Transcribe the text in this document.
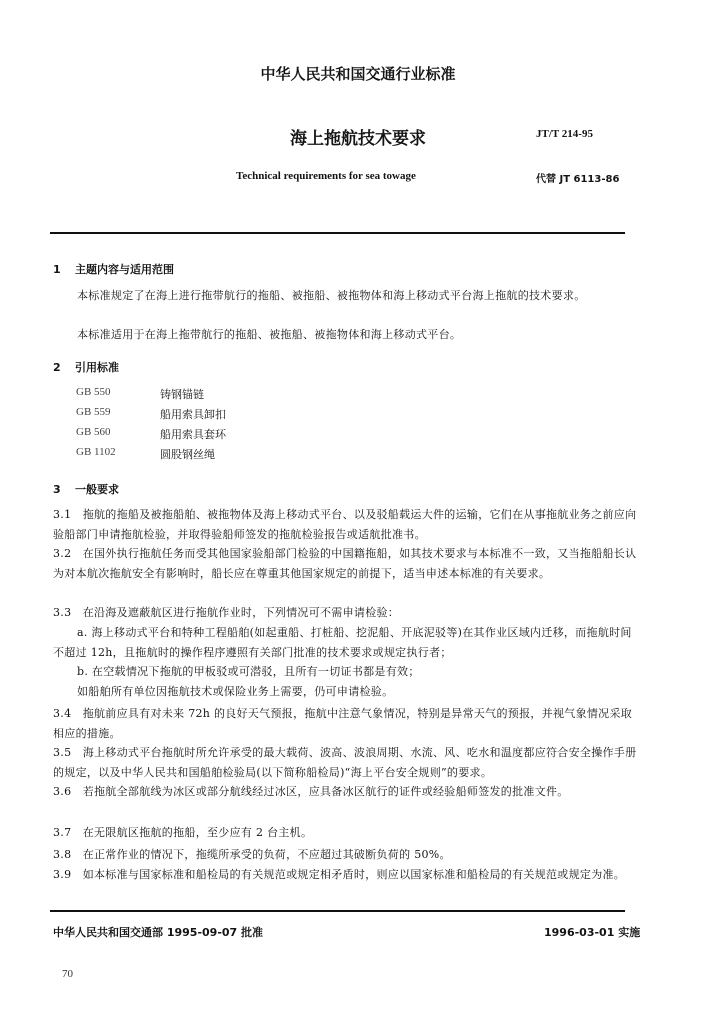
中华人民共和国交通行业标准
海上拖航技术要求	JT/T 214-95
Technical requirements for sea towage	代替 JT 6113-86
1 主题内容与适用范围
本标准规定了在海上进行拖带航行的拖船、被拖船、被拖物体和海上移动式平台海上拖航的技术要求。
本标准适用于在海上拖带航行的拖船、被拖船、被拖物体和海上移动式平台。
2 引用标准
GB 550	铸钢锚链
GB 559	船用索具卸扣
GB 560	船用索具套环
GB 1102	圆股钢丝绳
3 一般要求
3.1　拖航的拖船及被拖船舶、被拖物体及海上移动式平台、以及驳船载运大件的运输，它们在从事拖航业务之前应向验船部门申请拖航检验，并取得验船师签发的拖航检验报告或适航批准书。
3.2　在国外执行拖航任务而受其他国家验船部门检验的中国籍拖船，如其技术要求与本标准不一致，又当拖船船长认为对本航次拖航安全有影响时，船长应在尊重其他国家规定的前提下，适当申述本标准的有关要求。
3.3　在沿海及遮蔽航区进行拖航作业时，下列情况可不需申请检验：
a. 海上移动式平台和特种工程船舶(如起重船、打桩船、挖泥船、开底泥驳等)在其作业区域内迁移，而拖航时间不超过 12h，且拖航时的操作程序遵照有关部门批准的技术要求或规定执行者；
b. 在空载情况下拖航的甲板驳或可潜驳，且所有一切证书都是有效；
如船舶所有单位因拖航技术或保险业务上需要，仍可申请检验。
3.4　拖航前应具有对未来 72h 的良好天气预报，拖航中注意气象情况，特别是异常天气的预报，并视气象情况采取相应的措施。
3.5　海上移动式平台拖航时所允许承受的最大载荷、波高、波浪周期、水流、风、吃水和温度都应符合安全操作手册的规定，以及中华人民共和国船舶检验局(以下简称船检局)“海上平台安全规则”的要求。
3.6　若拖航全部航线为冰区或部分航线经过冰区，应具备冰区航行的证件或经验船师签发的批准文件。
3.7　在无限航区拖航的拖船，至少应有 2 台主机。
3.8　在正常作业的情况下，拖缆所承受的负荷，不应超过其破断负荷的 50%。
3.9　如本标准与国家标准和船检局的有关规范或规定相矛盾时，则应以国家标准和船检局的有关规范或规定为准。
中华人民共和国交通部 1995-09-07 批准	1996-03-01 实施
70
